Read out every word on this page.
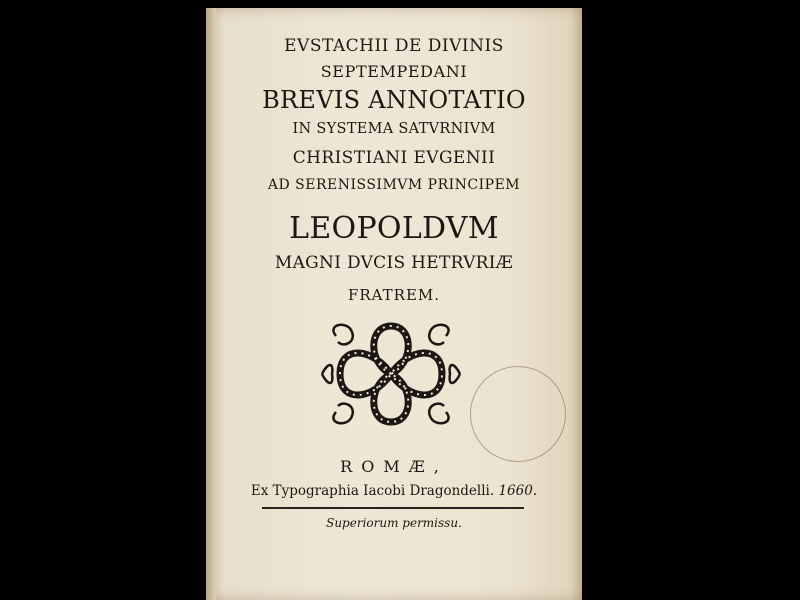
EVSTACHII DE DIVINIS
SEPTEMPEDANI
BREVIS ANNOTATIO
IN SYSTEMA SATVRNIVM
CHRISTIANI EVGENII
AD SERENISSIMVM PRINCIPEM
LEOPOLDVM
MAGNI DVCIS HETRVRIÆ
FRATREM.
ROMÆ,
Ex Typographia Iacobi Dragondelli. 1660.
Superiorum permissu.
